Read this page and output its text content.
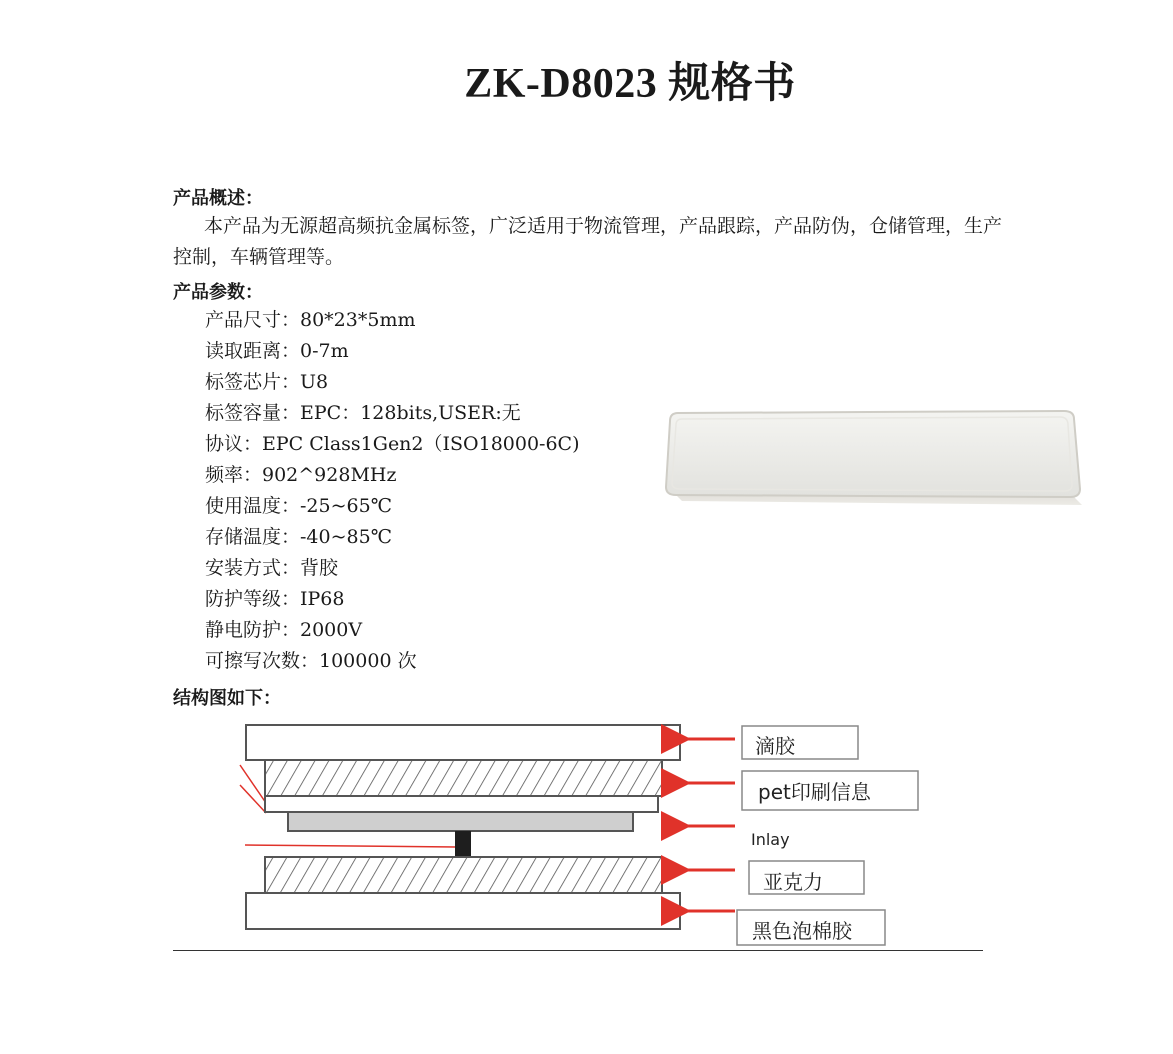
ZK-D8023 规格书
产品概述：
本产品为无源超高频抗金属标签，广泛适用于物流管理，产品跟踪，产品防伪，仓储管理，生产控制，车辆管理等。
产品参数：
产品尺寸：80*23*5mm
读取距离：0-7m
标签芯片：U8
标签容量：EPC：128bits,USER:无
协议：EPC Class1Gen2（ISO18000-6C)
频率：902^928MHz
使用温度：-25~65℃
存储温度：-40~85℃
安装方式：背胶
防护等级：IP68
静电防护：2000V
可擦写次数：100000 次
结构图如下：
滴胶
pet印刷信息
Inlay
亚克力
黑色泡棉胶
